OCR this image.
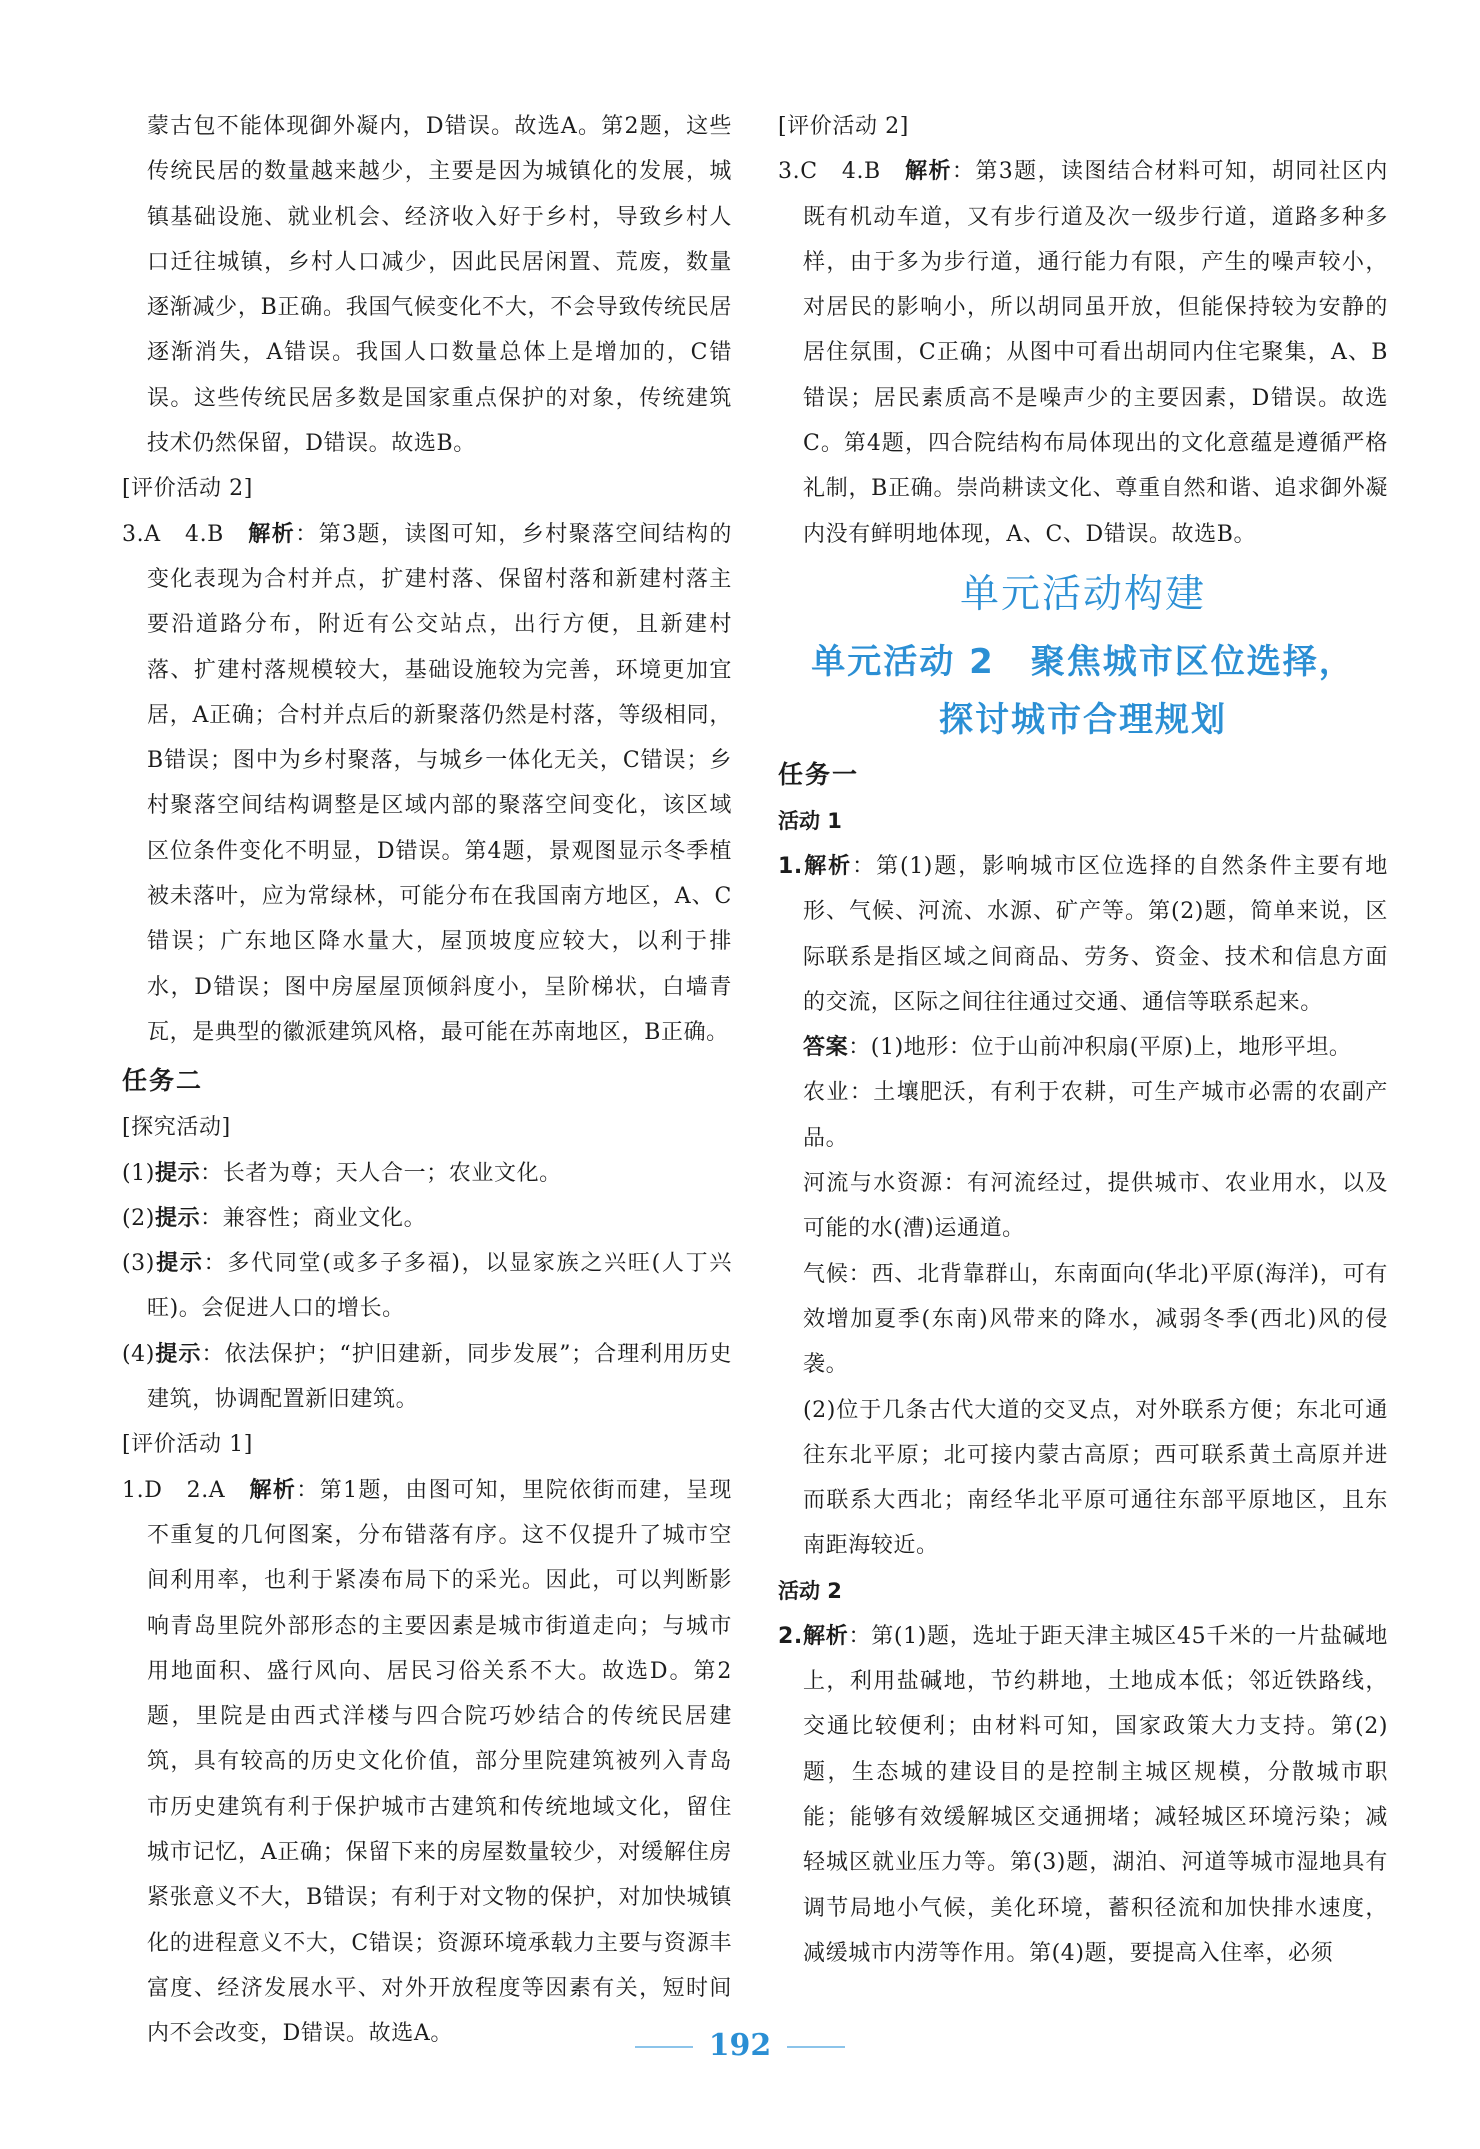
蒙古包不能体现御外凝内，D错误。故选A。第2题，这些传统民居的数量越来越少，主要是因为城镇化的发展，城镇基础设施、就业机会、经济收入好于乡村，导致乡村人口迁往城镇，乡村人口减少，因此民居闲置、荒废，数量逐渐减少，B正确。我国气候变化不大，不会导致传统民居逐渐消失，A错误。我国人口数量总体上是增加的，C错误。这些传统民居多数是国家重点保护的对象，传统建筑技术仍然保留，D错误。故选B。

[评价活动 2]

3.A　4.B　解析：第3题，读图可知，乡村聚落空间结构的变化表现为合村并点，扩建村落、保留村落和新建村落主要沿道路分布，附近有公交站点，出行方便，且新建村落、扩建村落规模较大，基础设施较为完善，环境更加宜居，A正确；合村并点后的新聚落仍然是村落，等级相同，B错误；图中为乡村聚落，与城乡一体化无关，C错误；乡村聚落空间结构调整是区域内部的聚落空间变化，该区域区位条件变化不明显，D错误。第4题，景观图显示冬季植被未落叶，应为常绿林，可能分布在我国南方地区，A、C错误；广东地区降水量大，屋顶坡度应较大，以利于排水，D错误；图中房屋屋顶倾斜度小，呈阶梯状，白墙青瓦，是典型的徽派建筑风格，最可能在苏南地区，B正确。

任务二

[探究活动]

(1)提示：长者为尊；天人合一；农业文化。

(2)提示：兼容性；商业文化。

(3)提示：多代同堂(或多子多福)，以显家族之兴旺(人丁兴旺)。会促进人口的增长。

(4)提示：依法保护；“护旧建新，同步发展”；合理利用历史建筑，协调配置新旧建筑。

[评价活动 1]

1.D　2.A　解析：第1题，由图可知，里院依街而建，呈现不重复的几何图案，分布错落有序。这不仅提升了城市空间利用率，也利于紧凑布局下的采光。因此，可以判断影响青岛里院外部形态的主要因素是城市街道走向；与城市用地面积、盛行风向、居民习俗关系不大。故选D。第2题，里院是由西式洋楼与四合院巧妙结合的传统民居建筑，具有较高的历史文化价值，部分里院建筑被列入青岛市历史建筑有利于保护城市古建筑和传统地域文化，留住城市记忆，A正确；保留下来的房屋数量较少，对缓解住房紧张意义不大，B错误；有利于对文物的保护，对加快城镇化的进程意义不大，C错误；资源环境承载力主要与资源丰富度、经济发展水平、对外开放程度等因素有关，短时间内不会改变，D错误。故选A。

[评价活动 2]

3.C　4.B　解析：第3题，读图结合材料可知，胡同社区内既有机动车道，又有步行道及次一级步行道，道路多种多样，由于多为步行道，通行能力有限，产生的噪声较小，对居民的影响小，所以胡同虽开放，但能保持较为安静的居住氛围，C正确；从图中可看出胡同内住宅聚集，A、B错误；居民素质高不是噪声少的主要因素，D错误。故选C。第4题，四合院结构布局体现出的文化意蕴是遵循严格礼制，B正确。崇尚耕读文化、尊重自然和谐、追求御外凝内没有鲜明地体现，A、C、D错误。故选B。

单元活动构建

单元活动 2　聚焦城市区位选择，

探讨城市合理规划

任务一

活动 1

1.解析：第(1)题，影响城市区位选择的自然条件主要有地形、气候、河流、水源、矿产等。第(2)题，简单来说，区际联系是指区域之间商品、劳务、资金、技术和信息方面的交流，区际之间往往通过交通、通信等联系起来。

答案：(1)地形：位于山前冲积扇(平原)上，地形平坦。

农业：土壤肥沃，有利于农耕，可生产城市必需的农副产品。

河流与水资源：有河流经过，提供城市、农业用水，以及可能的水(漕)运通道。

气候：西、北背靠群山，东南面向(华北)平原(海洋)，可有效增加夏季(东南)风带来的降水，减弱冬季(西北)风的侵袭。

(2)位于几条古代大道的交叉点，对外联系方便；东北可通往东北平原；北可接内蒙古高原；西可联系黄土高原并进而联系大西北；南经华北平原可通往东部平原地区，且东南距海较近。

活动 2

2.解析：第(1)题，选址于距天津主城区45千米的一片盐碱地上，利用盐碱地，节约耕地，土地成本低；邻近铁路线，交通比较便利；由材料可知，国家政策大力支持。第(2)题，生态城的建设目的是控制主城区规模，分散城市职能；能够有效缓解城区交通拥堵；减轻城区环境污染；减轻城区就业压力等。第(3)题，湖泊、河道等城市湿地具有调节局地小气候，美化环境，蓄积径流和加快排水速度，减缓城市内涝等作用。第(4)题，要提高入住率，必须

192
